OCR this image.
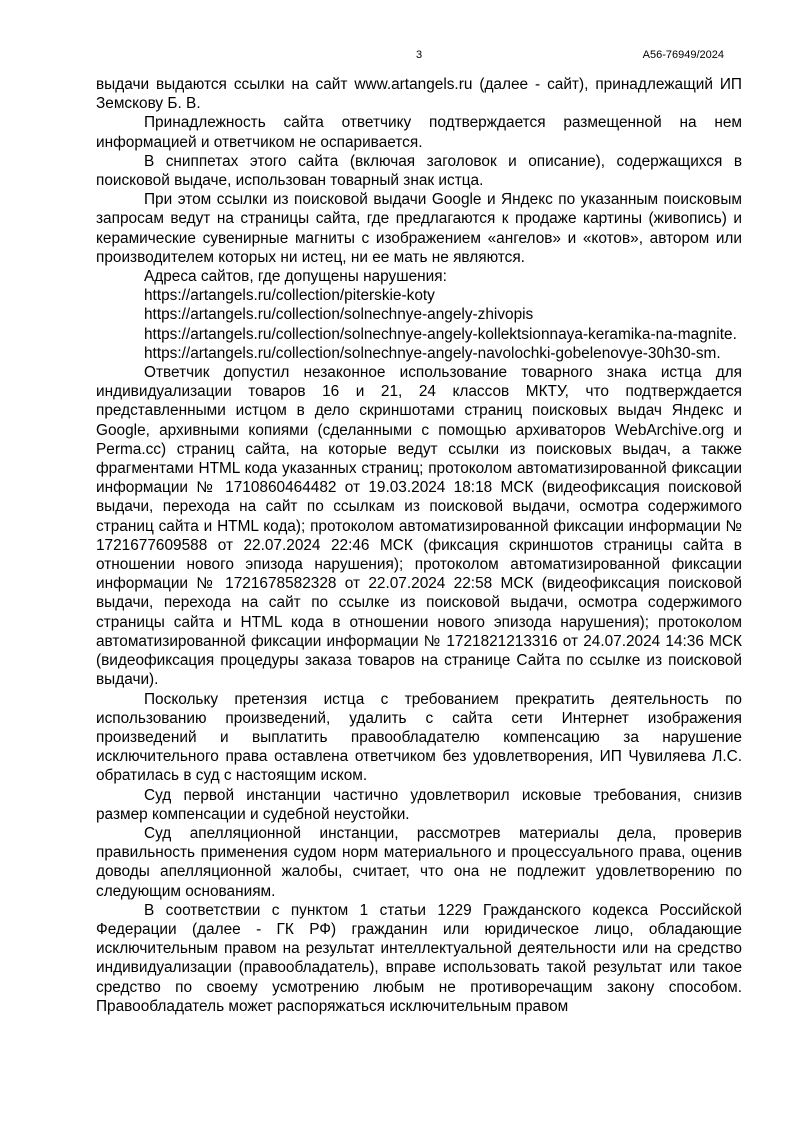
3	А56-76949/2024

выдачи выдаются ссылки на сайт www.artangels.ru (далее - сайт), принадлежащий ИП Земскову Б. В.

Принадлежность сайта ответчику подтверждается размещенной на нем информацией и ответчиком не оспаривается.

В сниппетах этого сайта (включая заголовок и описание), содержащихся в поисковой выдаче, использован товарный знак истца.

При этом ссылки из поисковой выдачи Google и Яндекс по указанным поисковым запросам ведут на страницы сайта, где предлагаются к продаже картины (живопись) и керамические сувенирные магниты с изображением «ангелов» и «котов», автором или производителем которых ни истец, ни ее мать не являются.

Адреса сайтов, где допущены нарушения:

https://artangels.ru/collection/piterskie-koty

https://artangels.ru/collection/solnechnye-angely-zhivopis

https://artangels.ru/collection/solnechnye-angely-kollektsionnaya-keramika-na-magnite.

https://artangels.ru/collection/solnechnye-angely-navolochki-gobelenovye-30h30-sm.

Ответчик допустил незаконное использование товарного знака истца для индивидуализации товаров 16 и 21, 24 классов МКТУ, что подтверждается представленными истцом в дело скриншотами страниц поисковых выдач Яндекс и Google, архивными копиями (сделанными с помощью архиваторов WebArchive.org и Perma.cc) страниц сайта, на которые ведут ссылки из поисковых выдач, а также фрагментами HTML кода указанных страниц; протоколом автоматизированной фиксации информации № 1710860464482 от 19.03.2024 18:18 МСК (видеофиксация поисковой выдачи, перехода на сайт по ссылкам из поисковой выдачи, осмотра содержимого страниц сайта и HTML кода); протоколом автоматизированной фиксации информации № 1721677609588 от 22.07.2024 22:46 МСК (фиксация скриншотов страницы сайта в отношении нового эпизода нарушения); протоколом автоматизированной фиксации информации № 1721678582328 от 22.07.2024 22:58 МСК (видеофиксация поисковой выдачи, перехода на сайт по ссылке из поисковой выдачи, осмотра содержимого страницы сайта и HTML кода в отношении нового эпизода нарушения); протоколом автоматизированной фиксации информации № 1721821213316 от 24.07.2024 14:36 МСК (видеофиксация процедуры заказа товаров на странице Сайта по ссылке из поисковой выдачи).

Поскольку претензия истца с требованием прекратить деятельность по использованию произведений, удалить с сайта сети Интернет изображения произведений и выплатить правообладателю компенсацию за нарушение исключительного права оставлена ответчиком без удовлетворения, ИП Чувиляева Л.С. обратилась в суд с настоящим иском.

Суд первой инстанции частично удовлетворил исковые требования, снизив размер компенсации и судебной неустойки.

Суд апелляционной инстанции, рассмотрев материалы дела, проверив правильность применения судом норм материального и процессуального права, оценив доводы апелляционной жалобы, считает, что она не подлежит удовлетворению по следующим основаниям.

В соответствии с пунктом 1 статьи 1229 Гражданского кодекса Российской Федерации (далее - ГК РФ) гражданин или юридическое лицо, обладающие исключительным правом на результат интеллектуальной деятельности или на средство индивидуализации (правообладатель), вправе использовать такой результат или такое средство по своему усмотрению любым не противоречащим закону способом. Правообладатель может распоряжаться исключительным правом
